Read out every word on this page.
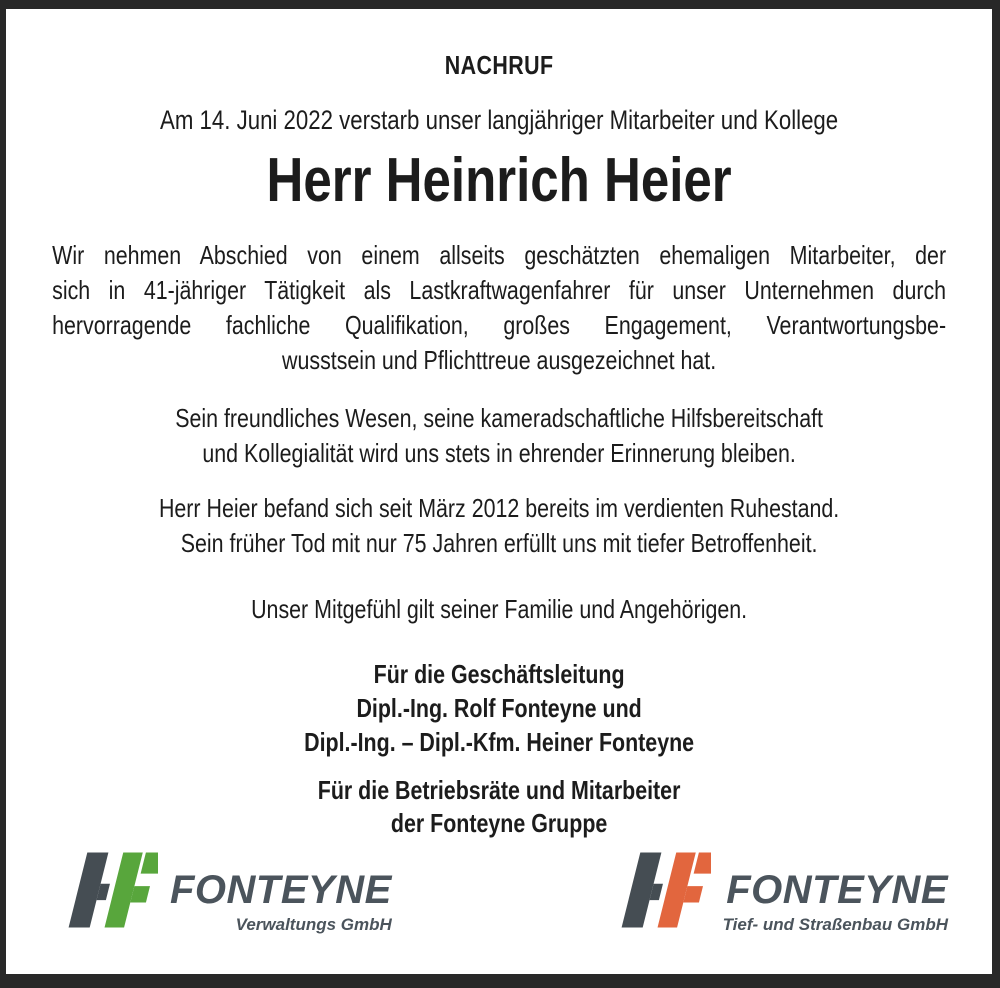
NACHRUF
Am 14. Juni 2022 verstarb unser langjähriger Mitarbeiter und Kollege
Herr Heinrich Heier
Wir nehmen Abschied von einem allseits geschätzten ehemaligen Mitarbeiter, der
sich in 41-jähriger Tätigkeit als Lastkraftwagenfahrer für unser Unternehmen durch
hervorragende fachliche Qualifikation, großes Engagement, Verantwortungsbe-
wusstsein und Pflichttreue ausgezeichnet hat.
Sein freundliches Wesen, seine kameradschaftliche Hilfsbereitschaft
und Kollegialität wird uns stets in ehrender Erinnerung bleiben.
Herr Heier befand sich seit März 2012 bereits im verdienten Ruhestand.
Sein früher Tod mit nur 75 Jahren erfüllt uns mit tiefer Betroffenheit.
Unser Mitgefühl gilt seiner Familie und Angehörigen.
Für die Geschäftsleitung
Dipl.-Ing. Rolf Fonteyne und
Dipl.-Ing. – Dipl.-Kfm. Heiner Fonteyne
Für die Betriebsräte und Mitarbeiter
der Fonteyne Gruppe
FONTEYNE
Verwaltungs GmbH
FONTEYNE
Tief- und Straßenbau GmbH
